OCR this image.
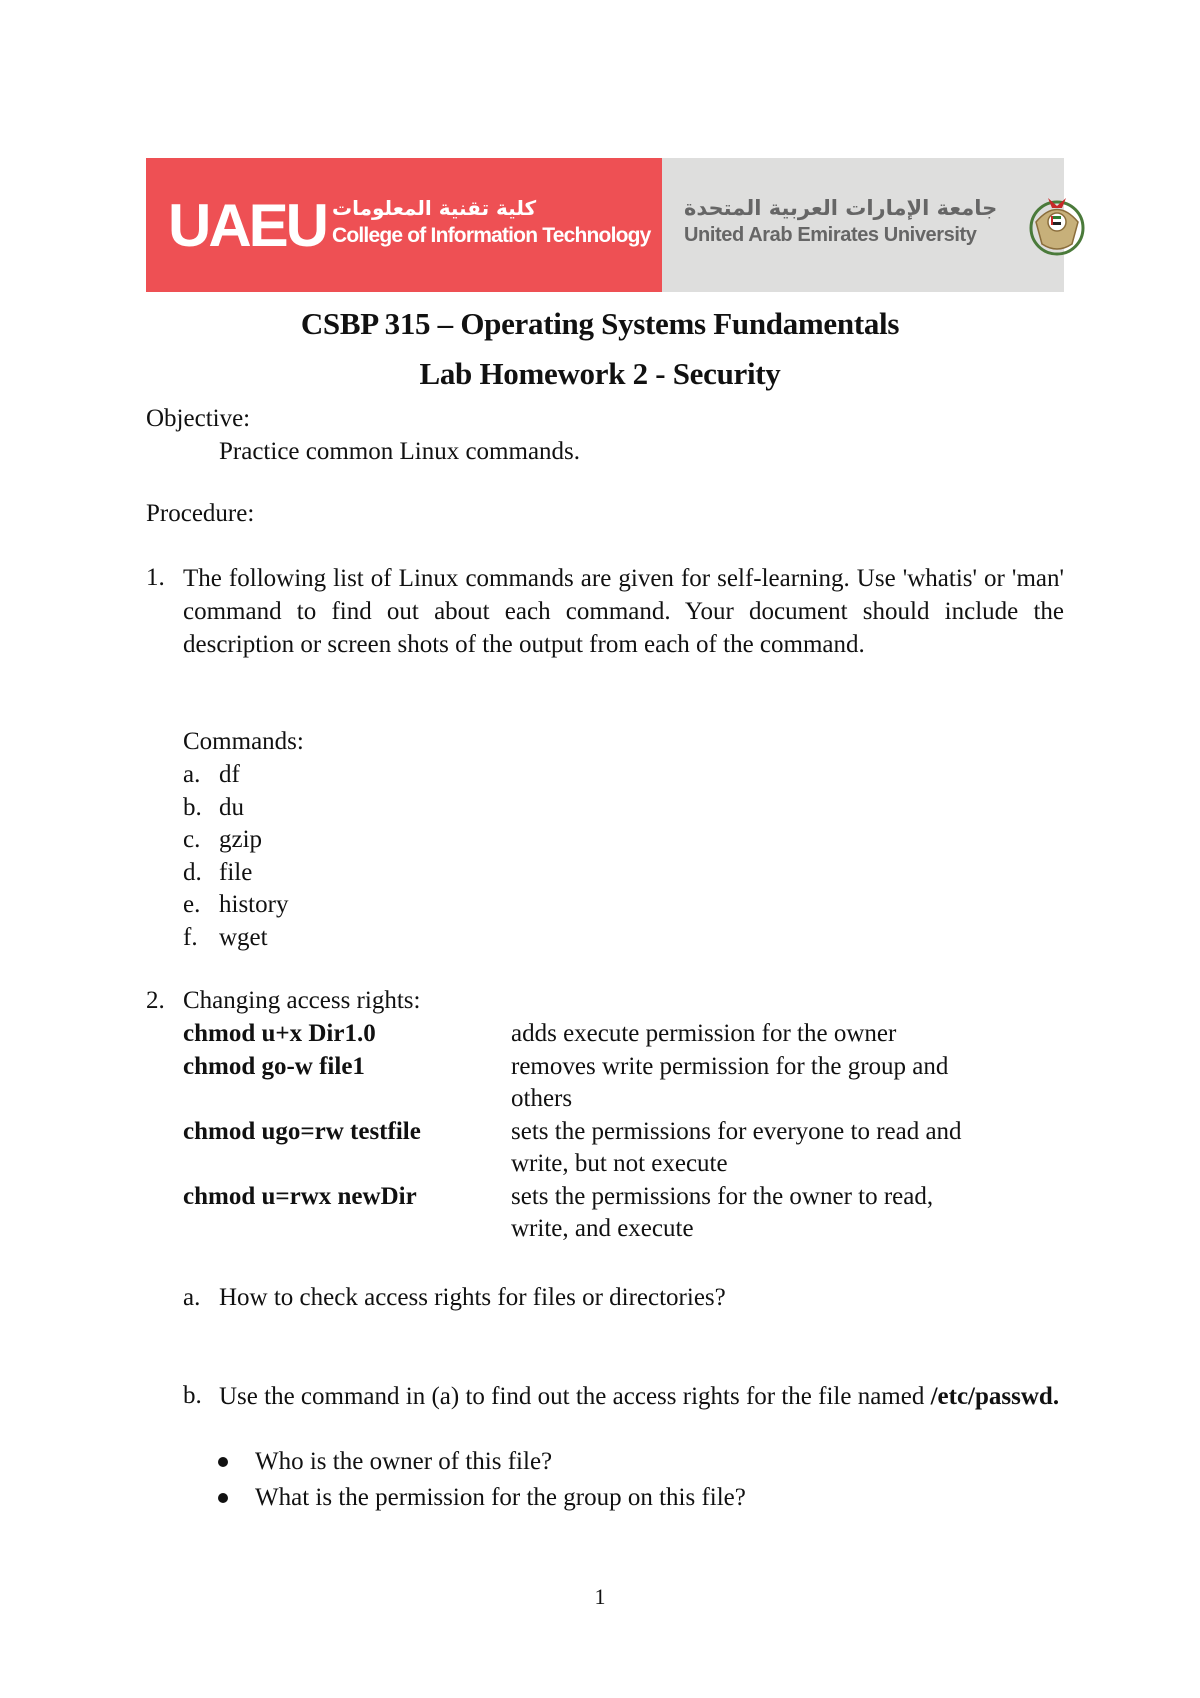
UAEU كلية تقنية المعلومات
College of Information Technology
جامعة الإمارات العربية المتحدة
United Arab Emirates University
CSBP 315 – Operating Systems Fundamentals
Lab Homework 2 - Security
Objective:
Practice common Linux commands.
Procedure:
1. The following list of Linux commands are given for self-learning. Use 'whatis' or 'man' command to find out about each command. Your document should include the description or screen shots of the output from each of the command.
Commands:
a. df
b. du
c. gzip
d. file
e. history
f. wget
2. Changing access rights:
chmod u+x Dir1.0	adds execute permission for the owner
chmod go-w file1	removes write permission for the group and
others
chmod ugo=rw testfile	sets the permissions for everyone to read and
write, but not execute
chmod u=rwx newDir	sets the permissions for the owner to read,
write, and execute
a. How to check access rights for files or directories?
b. Use the command in (a) to find out the access rights for the file named /etc/passwd.
Who is the owner of this file?
What is the permission for the group on this file?
1
